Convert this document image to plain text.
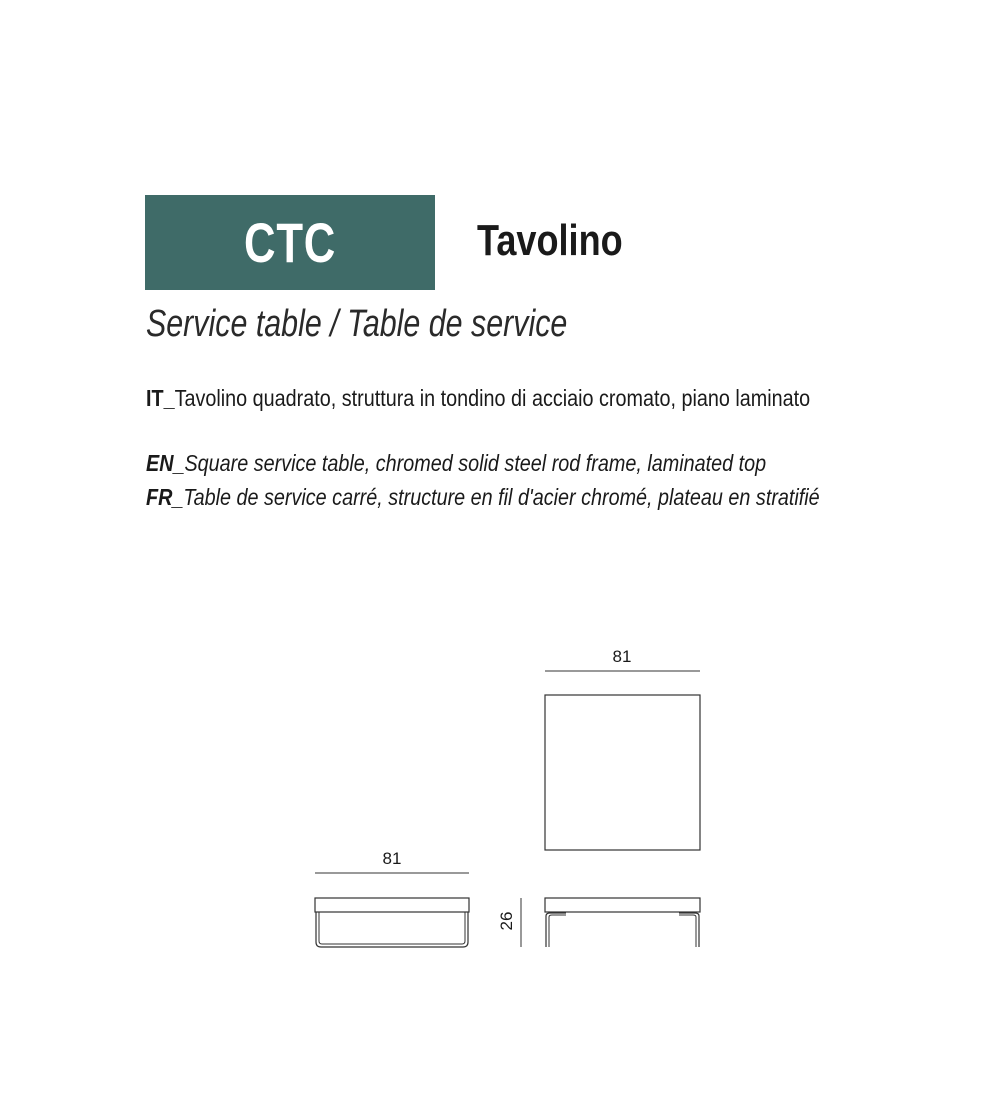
CTC	Tavolino
Service table / Table de service
IT_Tavolino quadrato, struttura in tondino di acciaio cromato, piano laminato
EN_Square service table, chromed solid steel rod frame, laminated top
FR_Table de service carré, structure en fil d'acier chromé, plateau en stratifié
81
81
26
